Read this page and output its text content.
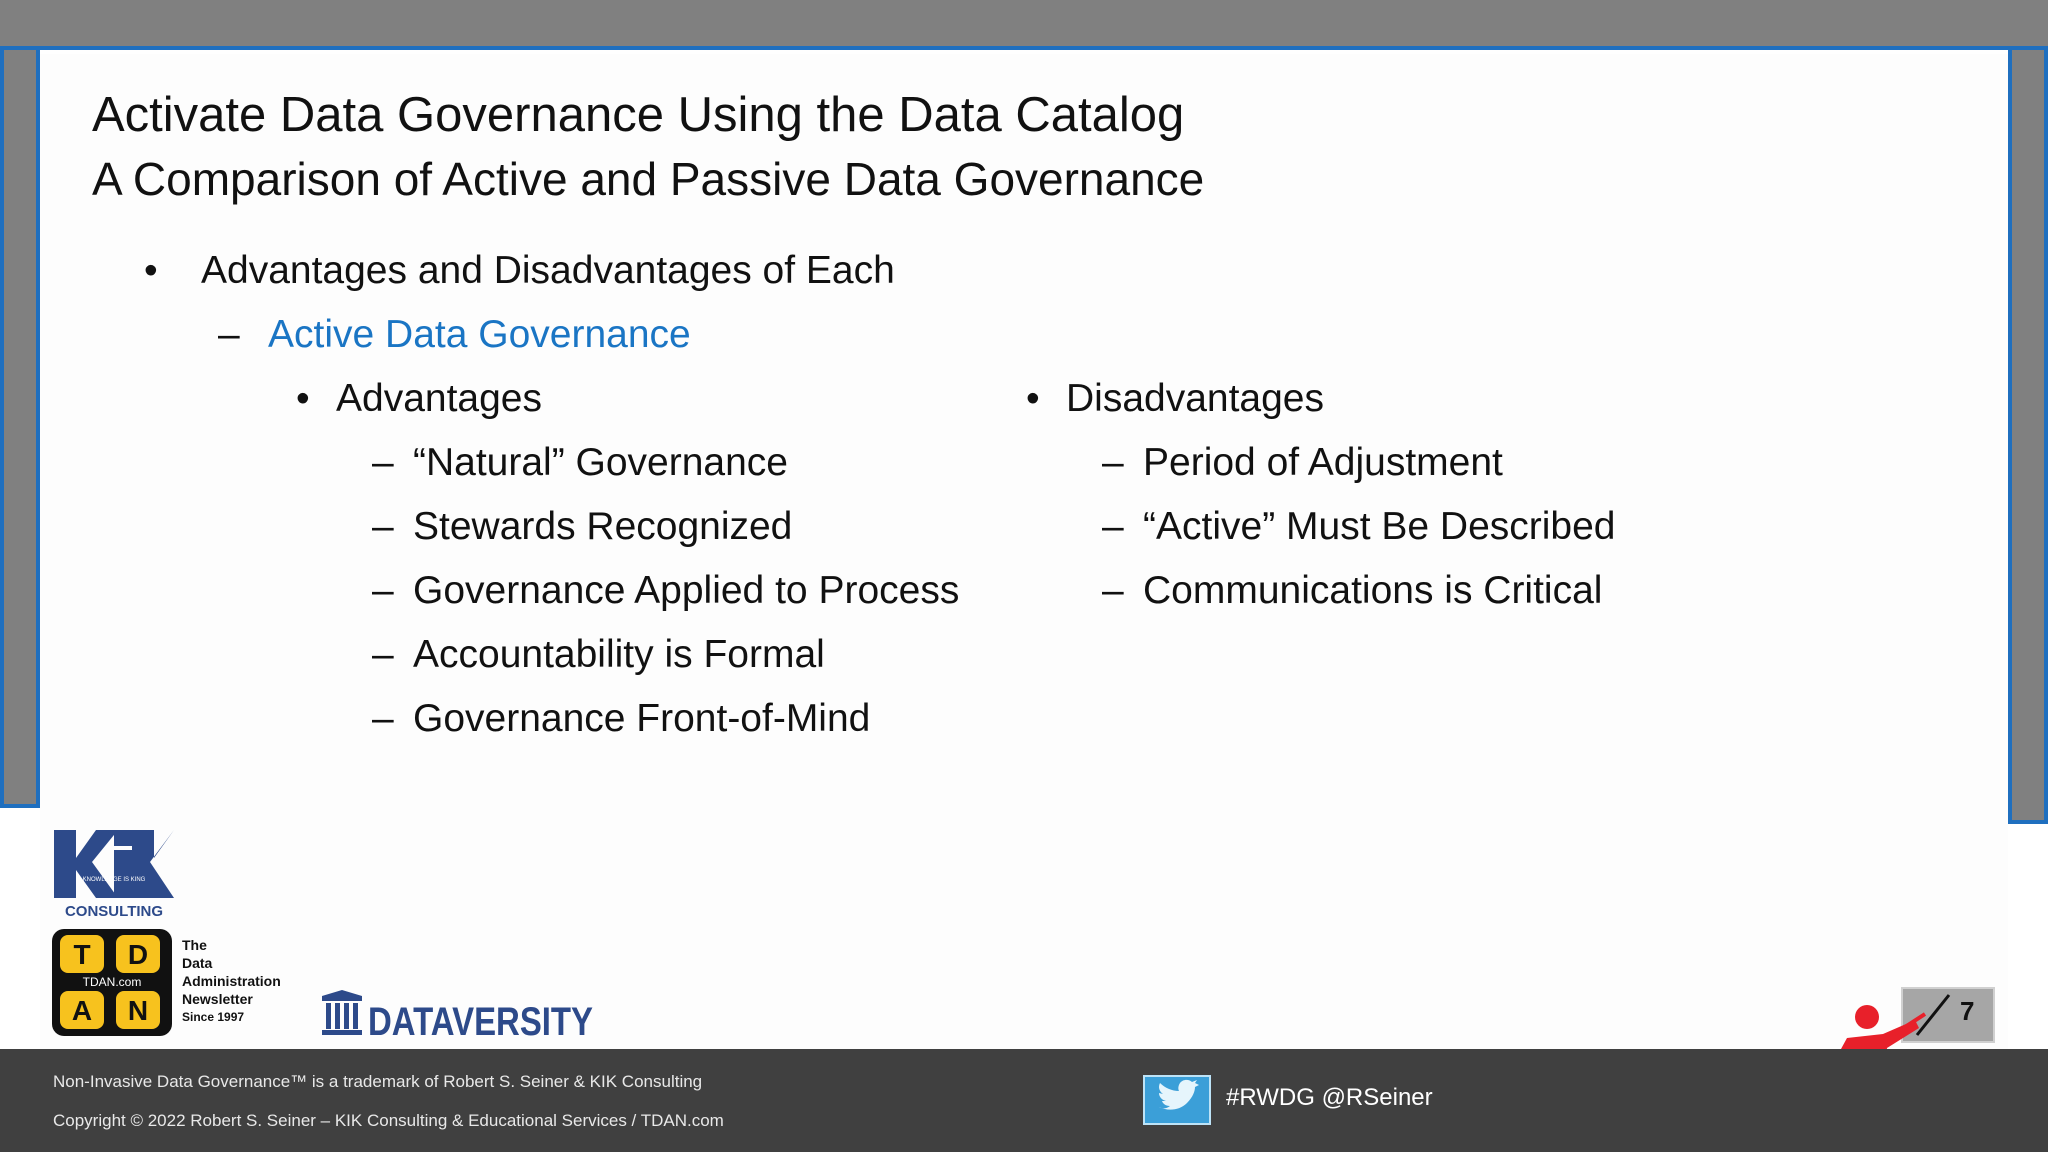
Activate Data Governance Using the Data Catalog
A Comparison of Active and Passive Data Governance
• Advantages and Disadvantages of Each
– Active Data Governance
• Advantages
– “Natural” Governance
– Stewards Recognized
– Governance Applied to Process
– Accountability is Formal
– Governance Front-of-Mind
• Disadvantages
– Period of Adjustment
– “Active” Must Be Described
– Communications is Critical
KNOWLEDGE IS KING
CONSULTING
T D
A N
TDAN.com
The
Data
Administration
Newsletter
Since 1997	DATAVERSITY	7
Non-Invasive Data Governance™ is a trademark of Robert S. Seiner & KIK Consulting
Copyright © 2022 Robert S. Seiner – KIK Consulting & Educational Services / TDAN.com
#RWDG @RSeiner
